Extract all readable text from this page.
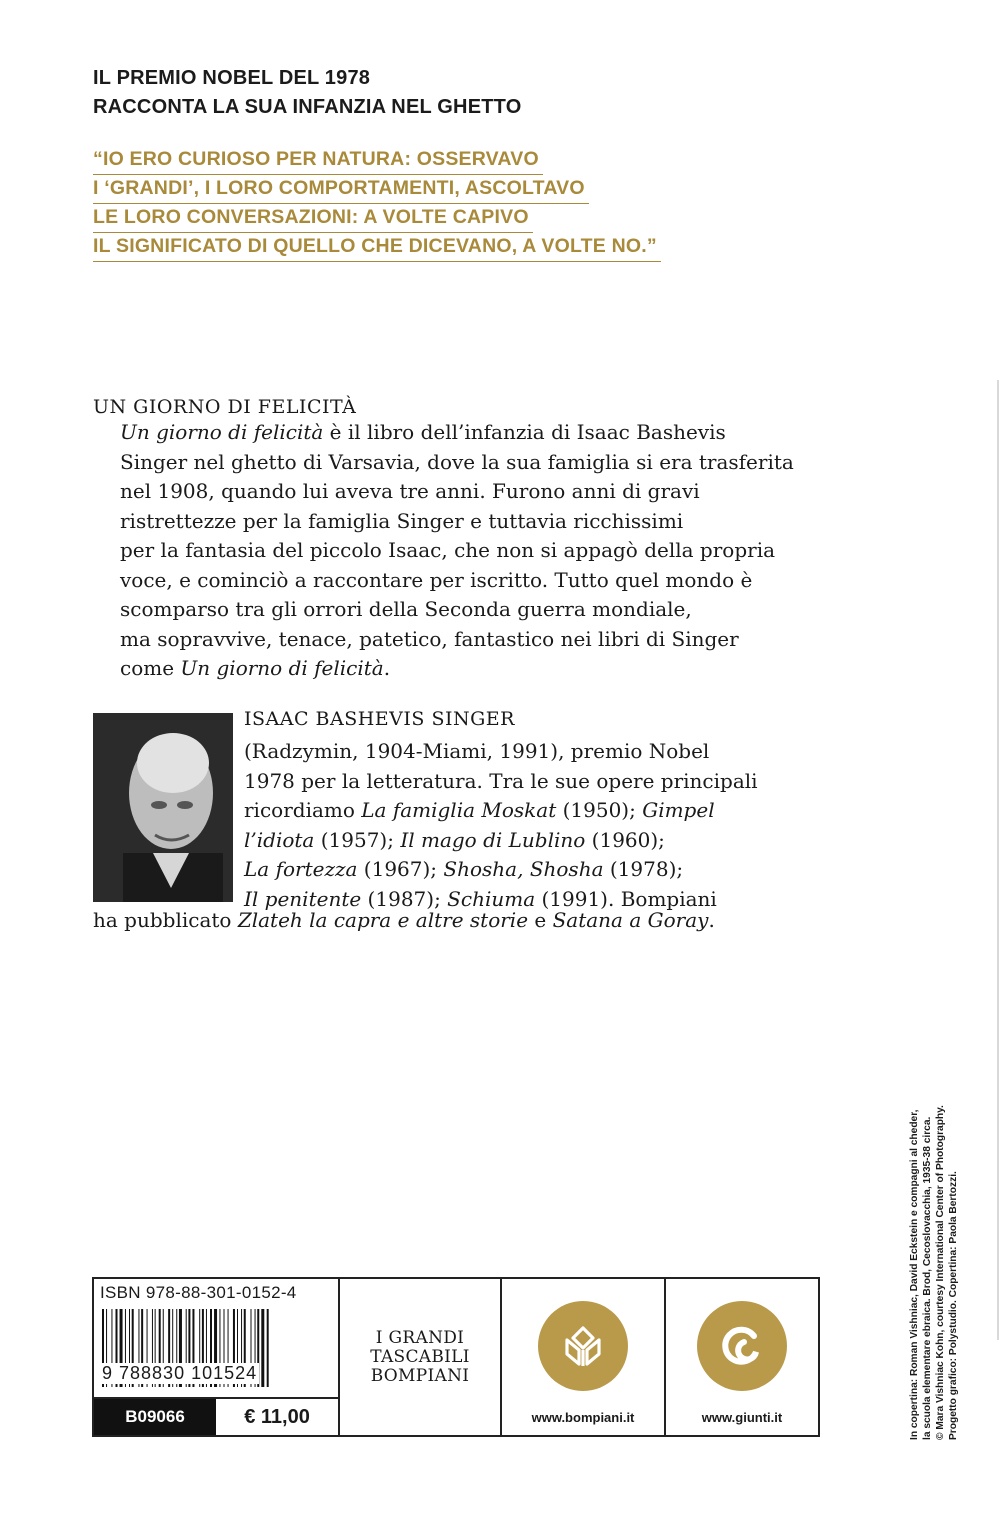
IL PREMIO NOBEL DEL 1978
RACCONTA LA SUA INFANZIA NEL GHETTO
“IO ERO CURIOSO PER NATURA: OSSERVAVO
I ‘GRANDI’, I LORO COMPORTAMENTI, ASCOLTAVO
LE LORO CONVERSAZIONI: A VOLTE CAPIVO
IL SIGNIFICATO DI QUELLO CHE DICEVANO, A VOLTE NO.”
UN GIORNO DI FELICITÀ
Un giorno di felicità è il libro dell’infanzia di Isaac Bashevis
Singer nel ghetto di Varsavia, dove la sua famiglia si era trasferita
nel 1908, quando lui aveva tre anni. Furono anni di gravi
ristrettezze per la famiglia Singer e tuttavia ricchissimi
per la fantasia del piccolo Isaac, che non si appagò della propria
voce, e cominciò a raccontare per iscritto. Tutto quel mondo è
scomparso tra gli orrori della Seconda guerra mondiale,
ma sopravvive, tenace, patetico, fantastico nei libri di Singer
come Un giorno di felicità.
ISAAC BASHEVIS SINGER
(Radzymin, 1904-Miami, 1991), premio Nobel
1978 per la letteratura. Tra le sue opere principali
ricordiamo La famiglia Moskat (1950); Gimpel
l’idiota (1957); Il mago di Lublino (1960);
La fortezza (1967); Shosha, Shosha (1978);
Il penitente (1987); Schiuma (1991). Bompiani
ha pubblicato Zlateh la capra e altre storie e Satana a Goray.
In copertina: Roman Vishniac, David Eckstein e compagni al cheder, la scuola elementare ebraica. Brod, Cecoslovacchia, 1935-38 circa. © Mara Vishniac Kohn, courtesy International Center of Photography. Progetto grafico: Polystudio. Copertina: Paola Bertozzi.
ISBN 978-88-301-0152-4
9 788830 101524
B09066	€ 11,00
I GRANDI
TASCABILI
BOMPIANI
www.bompiani.it	www.giunti.it
